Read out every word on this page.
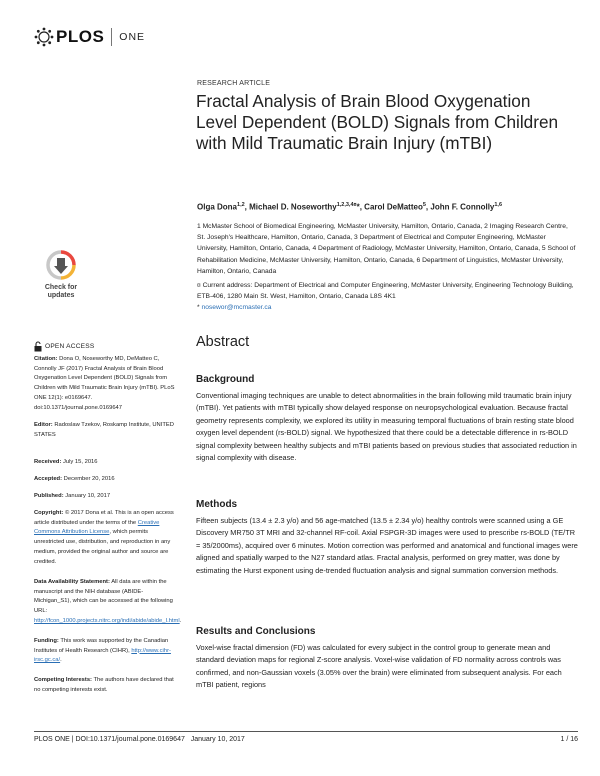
PLOS ONE
RESEARCH ARTICLE
Fractal Analysis of Brain Blood Oxygenation Level Dependent (BOLD) Signals from Children with Mild Traumatic Brain Injury (mTBI)
Olga Dona$^{1,2}$, Michael D. Noseworthy$^{1,2,3,4¤}$*, Carol DeMatteo$^5$, John F. Connolly$^{1,6}$
1 McMaster School of Biomedical Engineering, McMaster University, Hamilton, Ontario, Canada, 2 Imaging Research Centre, St. Joseph's Healthcare, Hamilton, Ontario, Canada, 3 Department of Electrical and Computer Engineering, McMaster University, Hamilton, Ontario, Canada, 4 Department of Radiology, McMaster University, Hamilton, Ontario, Canada, 5 School of Rehabilitation Medicine, McMaster University, Hamilton, Ontario, Canada, 6 Department of Linguistics, McMaster University, Hamilton, Ontario, Canada
¤ Current address: Department of Electrical and Computer Engineering, McMaster University, Engineering Technology Building, ETB-406, 1280 Main St. West, Hamilton, Ontario, Canada L8S 4K1
* nosewor@mcmaster.ca
Check for
updates
OPEN ACCESS
Citation: Dona O, Noseworthy MD, DeMatteo C, Connolly JF (2017) Fractal Analysis of Brain Blood Oxygenation Level Dependent (BOLD) Signals from Children with Mild Traumatic Brain Injury (mTBI). PLoS ONE 12(1): e0169647. doi:10.1371/journal.pone.0169647
Editor: Radoslaw Tzekov, Roskamp Institute, UNITED STATES
Received: July 15, 2016
Accepted: December 20, 2016
Published: January 10, 2017
Copyright: © 2017 Dona et al. This is an open access article distributed under the terms of the Creative Commons Attribution License, which permits unrestricted use, distribution, and reproduction in any medium, provided the original author and source are credited.
Data Availability Statement: All data are within the manuscript and the NIH database (ABIDE-Michigan_S1), which can be accessed at the following URL: http://fcon_1000.projects.nitrc.org/indi/abide/abide_I.html.
Funding: This work was supported by the Canadian Institutes of Health Research (CIHR), http://www.cihr-irsc.gc.ca/.
Competing Interests: The authors have declared that no competing interests exist.
Abstract
Background

Conventional imaging techniques are unable to detect abnormalities in the brain following mild traumatic brain injury (mTBI). Yet patients with mTBI typically show delayed response on neuropsychological evaluation. Because fractal geometry represents complexity, we explored its utility in measuring temporal fluctuations of brain resting state blood oxygen level dependent (rs-BOLD) signal. We hypothesized that there could be a detectable difference in rs-BOLD signal complexity between healthy subjects and mTBI patients based on previous studies that associated reduction in signal complexity with disease.

Methods

Fifteen subjects (13.4 ± 2.3 y/o) and 56 age-matched (13.5 ± 2.34 y/o) healthy controls were scanned using a GE Discovery MR750 3T MRI and 32-channel RF-coil. Axial FSPGR-3D images were used to prescribe rs-BOLD (TE/TR = 35/2000ms), acquired over 6 minutes. Motion correction was performed and anatomical and functional images were aligned and spatially warped to the N27 standard atlas. Fractal analysis, performed on grey matter, was done by estimating the Hurst exponent using de-trended fluctuation analysis and signal summation conversion methods.

Results and Conclusions

Voxel-wise fractal dimension (FD) was calculated for every subject in the control group to generate mean and standard deviation maps for regional Z-score analysis. Voxel-wise validation of FD normality across controls was confirmed, and non-Gaussian voxels (3.05% over the brain) were eliminated from subsequent analysis. For each mTBI patient, regions

PLOS ONE | DOI:10.1371/journal.pone.0169647   January 10, 2017	1 / 16
